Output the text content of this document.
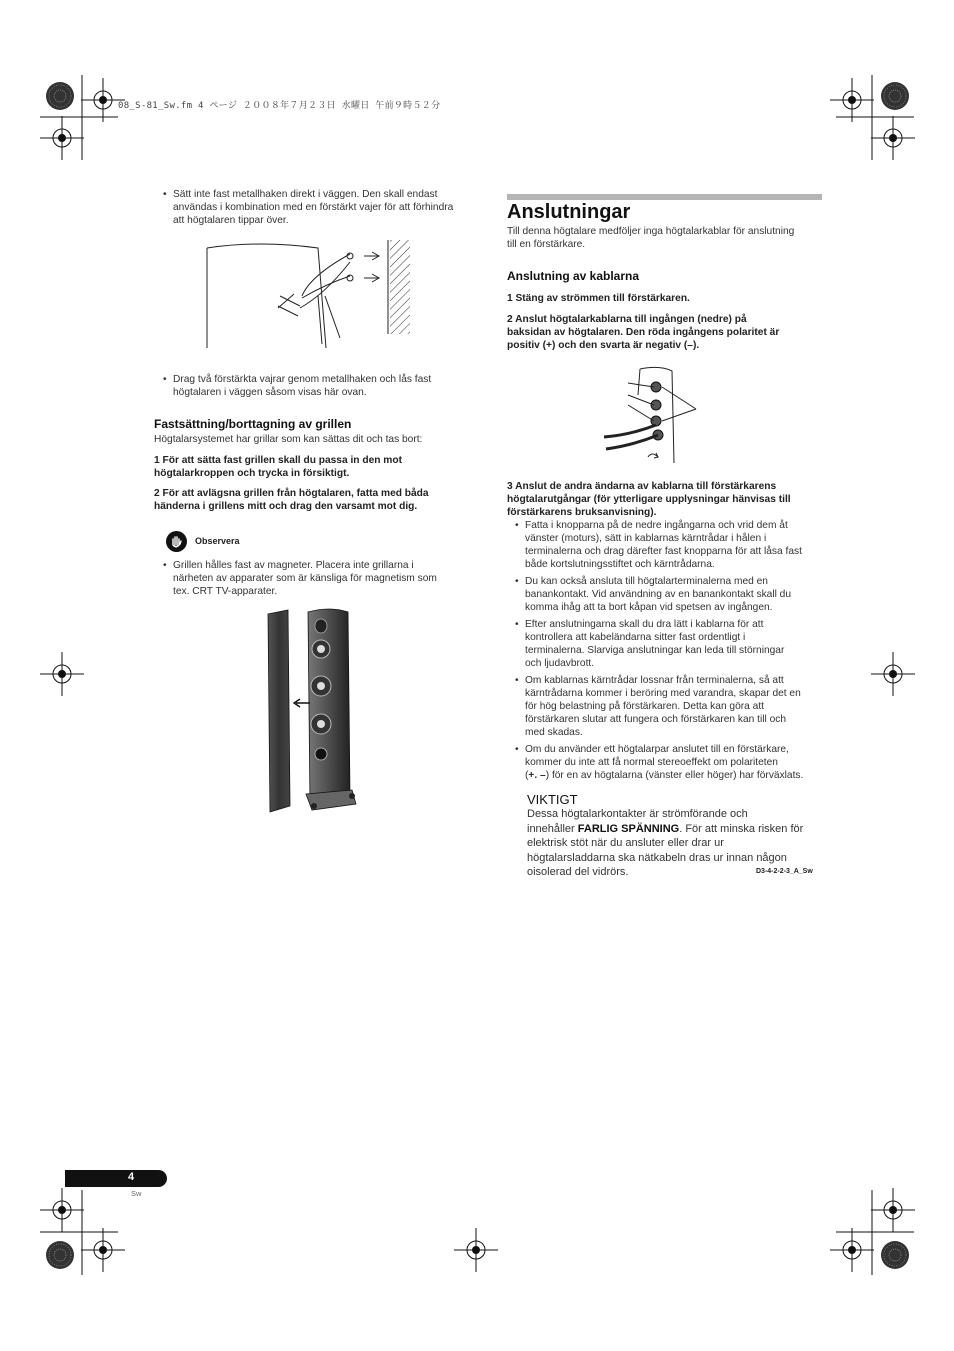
08_S-81_Sw.fm 4 ページ ２００８年７月２３日 水曜日 午前９時５２分
• Sätt inte fast metallhaken direkt i väggen. Den skall endast
användas i kombination med en förstärkt vajer för att förhindra
att högtalaren tippar över.
• Drag två förstärkta vajrar genom metallhaken och lås fast
högtalaren i väggen såsom visas här ovan.
Fastsättning/borttagning av grillen
Högtalarsystemet har grillar som kan sättas dit och tas bort:
1 För att sätta fast grillen skall du passa in den mot
högtalarkroppen och trycka in försiktigt.
2 För att avlägsna grillen från högtalaren, fatta med båda
händerna i grillens mitt och drag den varsamt mot dig.
Observera
• Grillen hålles fast av magneter. Placera inte grillarna i
närheten av apparater som är känsliga för magnetism som
tex. CRT TV-apparater.
Anslutningar
Till denna högtalare medföljer inga högtalarkablar för anslutning
till en förstärkare.
Anslutning av kablarna
1 Stäng av strömmen till förstärkaren.
2 Anslut högtalarkablarna till ingången (nedre) på
baksidan av högtalaren. Den röda ingångens polaritet är
positiv (+) och den svarta är negativ (–).
3 Anslut de andra ändarna av kablarna till förstärkarens
högtalarutgångar (för ytterligare upplysningar hänvisas till
förstärkarens bruksanvisning).
• Fatta i knopparna på de nedre ingångarna och vrid dem åt
vänster (moturs), sätt in kablarnas kärntrådar i hålen i
terminalerna och drag därefter fast knopparna för att låsa fast
både kortslutningsstiftet och kärntrådarna.
• Du kan också ansluta till högtalarterminalerna med en
banankontakt. Vid användning av en banankontakt skall du
komma ihåg att ta bort kåpan vid spetsen av ingången.
• Efter anslutningarna skall du dra lätt i kablarna för att
kontrollera att kabeländarna sitter fast ordentligt i
terminalerna. Slarviga anslutningar kan leda till störningar
och ljudavbrott.
• Om kablarnas kärntrådar lossnar från terminalerna, så att
kärntrådarna kommer i beröring med varandra, skapar det en
för hög belastning på förstärkaren. Detta kan göra att
förstärkaren slutar att fungera och förstärkaren kan till och
med skadas.
• Om du använder ett högtalarpar anslutet till en förstärkare,
kommer du inte att få normal stereoeffekt om polariteten
(+. –) för en av högtalarna (vänster eller höger) har förväxlats.
VIKTIGT
Dessa högtalarkontakter är strömförande och
innehåller FARLIG SPÄNNING. För att minska risken för
elektrisk stöt när du ansluter eller drar ur
högtalarsladdarna ska nätkabeln dras ur innan någon
oisolerad del vidrörs.	D3-4-2-2-3_A_Sw
4
Sw
